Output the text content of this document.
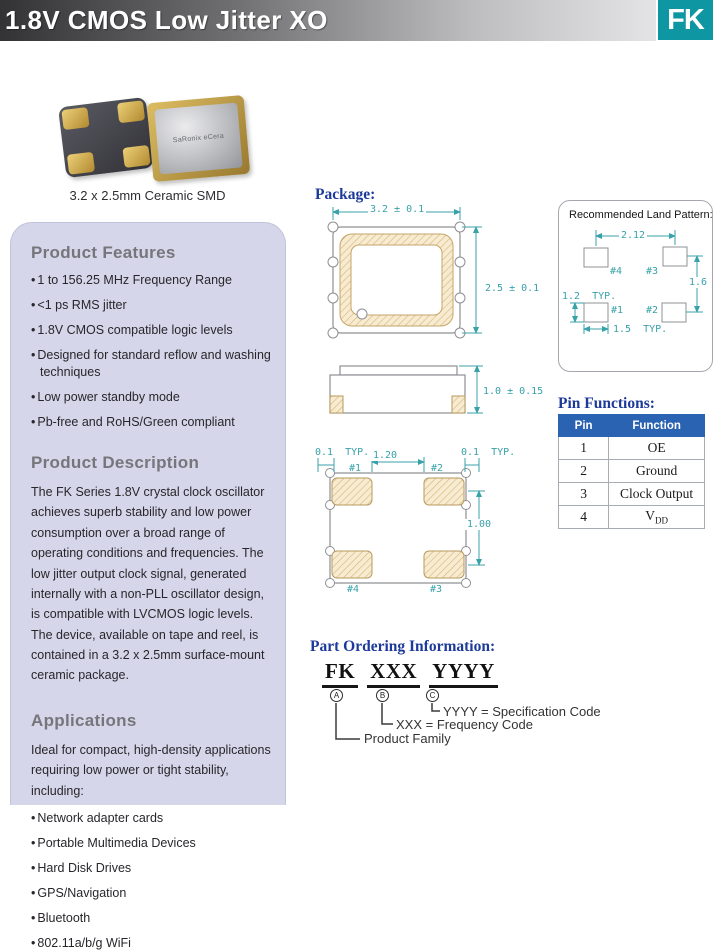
1.8V CMOS Low Jitter XO	FK
SaRonix eCera
3.2 x 2.5mm Ceramic SMD
Product Features
• 1 to 156.25 MHz Frequency Range
• <1 ps RMS jitter
• 1.8V CMOS compatible logic levels
• Designed for standard reflow and washing techniques
• Low power standby mode
• Pb-free and RoHS/Green compliant
Product Description

The FK Series 1.8V crystal clock oscillator achieves superb stability and low power consumption over a broad range of operating conditions and frequencies. The low jitter output clock signal, generated internally with a non-PLL oscillator design, is compatible with LVCMOS logic levels. The device, available on tape and reel, is contained in a 3.2 x 2.5mm surface-mount ceramic package.

Applications

Ideal for compact, high-density applications requiring low power or tight stability, including:

• Network adapter cards
• Portable Multimedia Devices
• Hard Disk Drives
• GPS/Navigation
• Bluetooth
• 802.11a/b/g WiFi
Package:
3.2 ± 0.1
2.5 ± 0.1
1.0 ± 0.15
0.1  TYP.	0.1  TYP.
1.20
1.00
#1	#2
#3
#4
Recommended Land Pattern:
2.12
1.6
1.2  TYP.
1.5  TYP.
#4 #3
#1 #2
Pin Functions:
Pin	Function
1	OE
2	Ground
3	Clock Output
4	$V_{DD}$
Part Ordering Information:
FK XXX YYYY
A	B	C
YYYY = Specification Code
XXX = Frequency Code
Product Family
